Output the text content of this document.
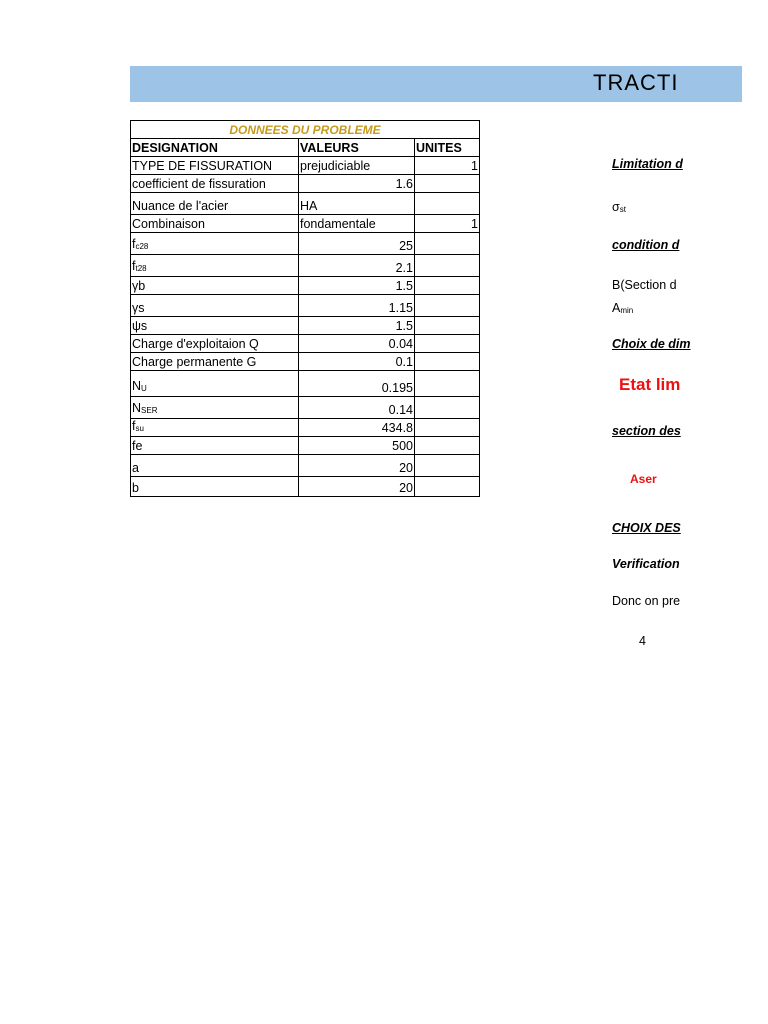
TRACTI
DONNEES DU PROBLEME		
DESIGNATION	VALEURS	UNITES
TYPE DE FISSURATION	prejudiciable	1
coefficient de fissuration	1.6	
Nuance de l'acier	HA	
Combinaison	fondamentale	1
$f_{c28}$	25	
$f_{t28}$	2.1	
γb	1.5	
γs	1.15	
ψs	1.5	
Charge d'exploitaion Q	0.04	
Charge permanente G	0.1	
$N_U$	0.195	
$N_{SER}$	0.14	
$f_{su}$	434.8	
fe	500	
a	20	
b	20	
Limitation d
$\sigma_{st}$
condition d
B(Section d
$A_{min}$
Choix de dim
Etat lim
section des
Aser
CHOIX DES
Verification
Donc on pre
4
